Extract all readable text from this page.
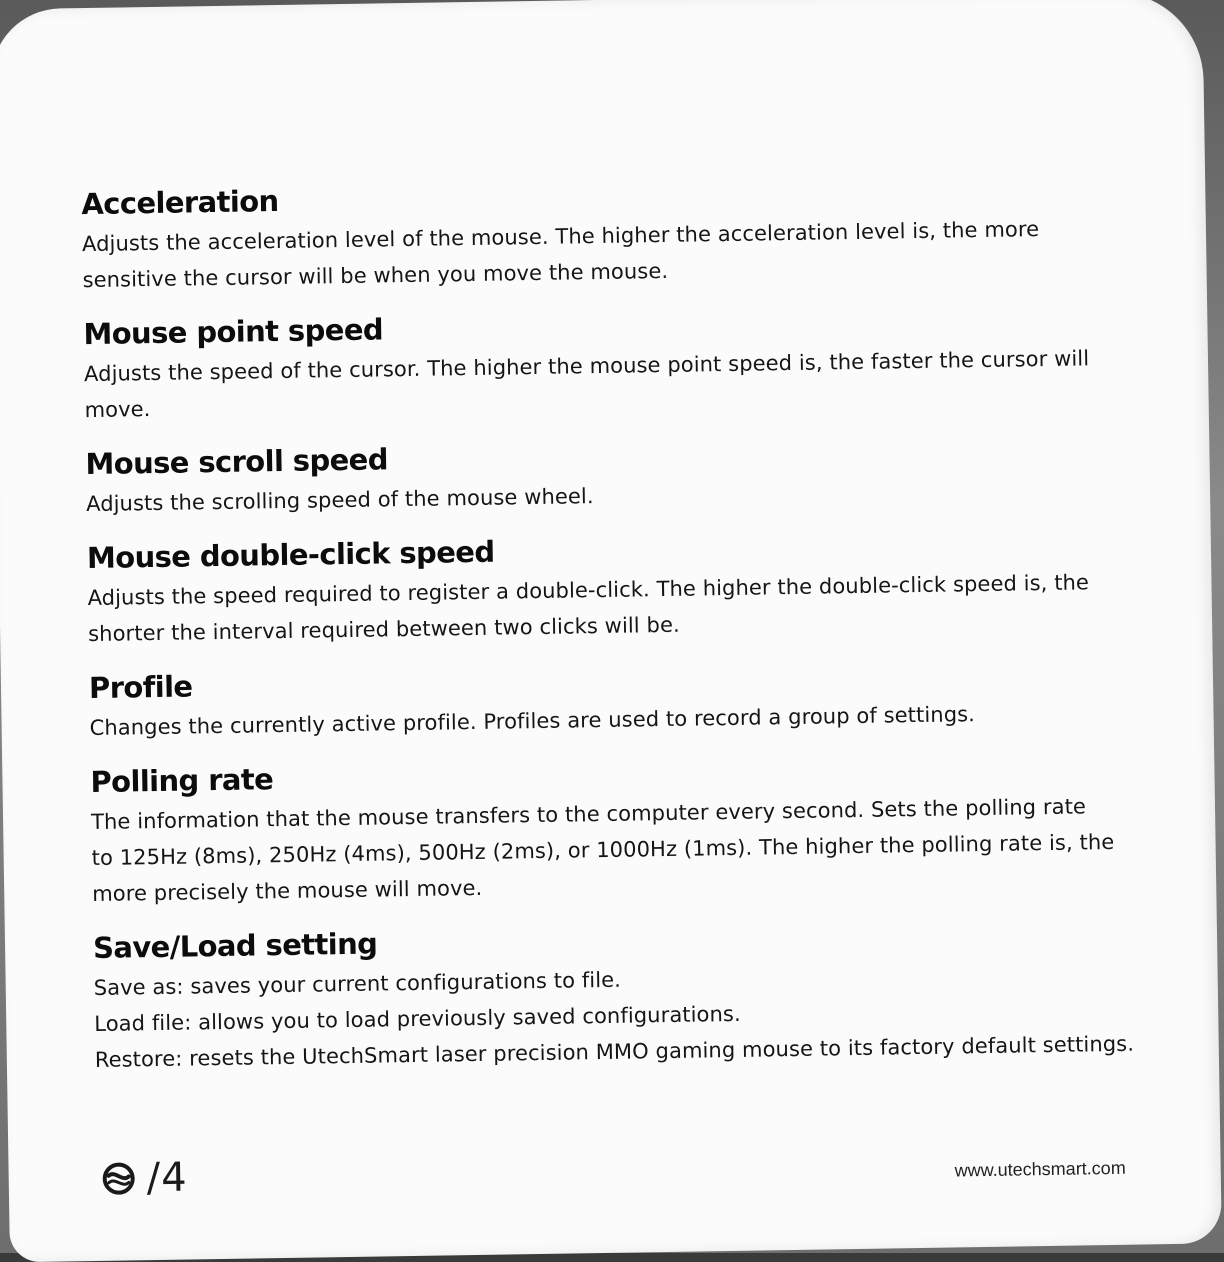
Acceleration

Adjusts the acceleration level of the mouse. The higher the acceleration level is, the more

sensitive the cursor will be when you move the mouse.

Mouse point speed

Adjusts the speed of the cursor. The higher the mouse point speed is, the faster the cursor will

move.

Mouse scroll speed

Adjusts the scrolling speed of the mouse wheel.

Mouse double-click speed

Adjusts the speed required to register a double-click. The higher the double-click speed is, the

shorter the interval required between two clicks will be.

Profile

Changes the currently active profile. Profiles are used to record a group of settings.

Polling rate

The information that the mouse transfers to the computer every second. Sets the polling rate

to 125Hz (8ms), 250Hz (4ms), 500Hz (2ms), or 1000Hz (1ms). The higher the polling rate is, the

more precisely the mouse will move.

Save/Load setting

Save as: saves your current configurations to file.

Load file: allows you to load previously saved configurations.

Restore: resets the UtechSmart laser precision MMO gaming mouse to its factory default settings.

/4	www.utechsmart.com
